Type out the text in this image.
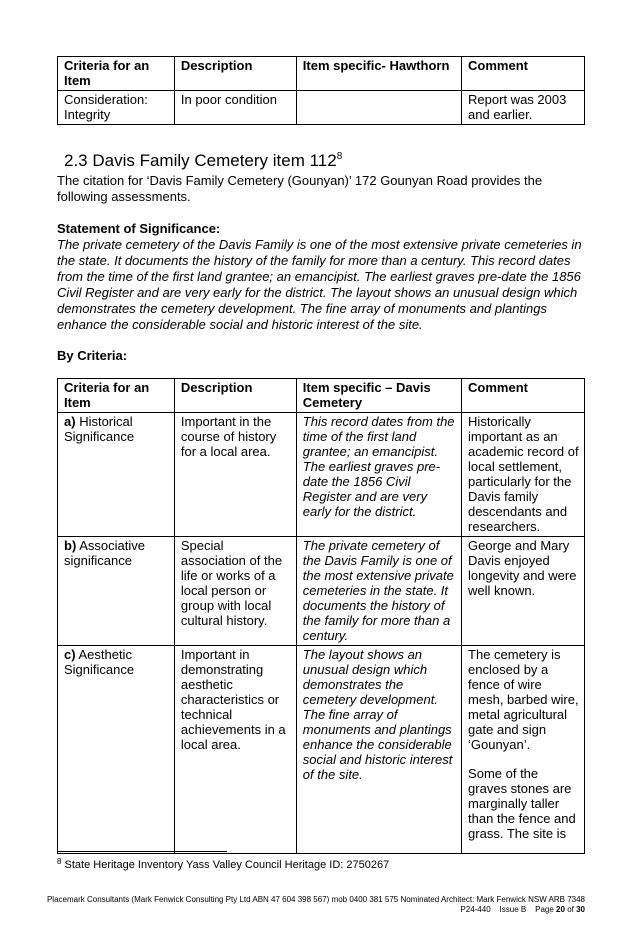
Criteria for an Item	Description	Item specific- Hawthorn	Comment
Consideration: Integrity	In poor condition		Report was 2003 and earlier.
2.3 Davis Family Cemetery item $112^8$
The citation for ‘Davis Family Cemetery (Gounyan)’ 172 Gounyan Road provides the following assessments.
Statement of Significance:
The private cemetery of the Davis Family is one of the most extensive private cemeteries in the state. It documents the history of the family for more than a century. This record dates from the time of the first land grantee; an emancipist. The earliest graves pre-date the 1856 Civil Register and are very early for the district. The layout shows an unusual design which demonstrates the cemetery development. The fine array of monuments and plantings enhance the considerable social and historic interest of the site.
By Criteria:
Criteria for an Item	Description	Item specific – Davis Cemetery	Comment
a) Historical Significance	Important in the course of history for a local area.	This record dates from the time of the first land grantee; an emancipist. The earliest graves pre-date the 1856 Civil Register and are very early for the district.	Historically important as an academic record of local settlement, particularly for the Davis family descendants and researchers.
b) Associative significance	Special association of the life or works of a local person or group with local cultural history.	The private cemetery of the Davis Family is one of the most extensive private cemeteries in the state. It documents the history of the family for more than a century.	George and Mary Davis enjoyed longevity and were well known.
c) Aesthetic Significance	Important in demonstrating aesthetic characteristics or technical achievements in a local area.	The layout shows an unusual design which demonstrates the cemetery development. The fine array of monuments and plantings enhance the considerable social and historic interest of the site.	The cemetery is enclosed by a fence of wire mesh, barbed wire, metal agricultural gate and sign ‘Gounyan’.
Some of the graves stones are marginally taller than the fence and grass. The site is
$^8$ State Heritage Inventory Yass Valley Council Heritage ID: 2750267
Placemark Consultants (Mark Fenwick Consulting Pty Ltd ABN 47 604 398 567) mob 0400 381 575 Nominated Architect: Mark Fenwick NSW ARB 7348
P24-440 Issue B Page 20 of 30
